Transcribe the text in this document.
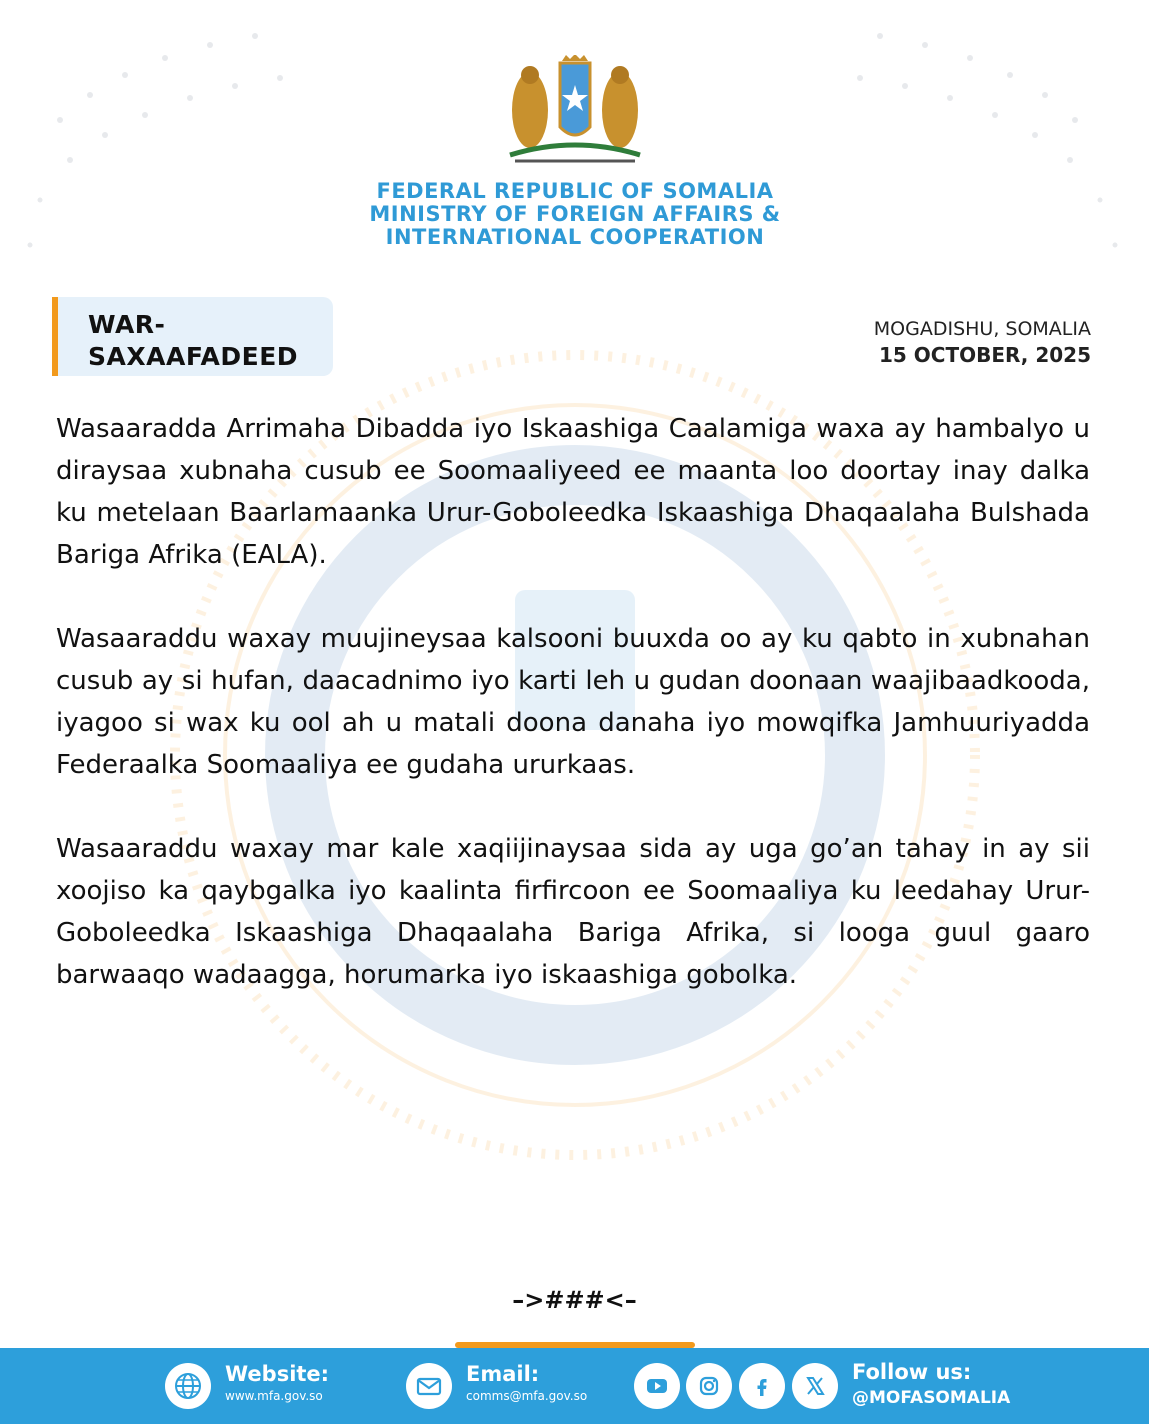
FEDERAL REPUBLIC OF SOMALIA
MINISTRY OF FOREIGN AFFAIRS &
INTERNATIONAL COOPERATION
WAR-
SAXAAFADEED
MOGADISHU, SOMALIA
15 OCTOBER, 2025

Wasaaradda Arrimaha Dibadda iyo Iskaashiga Caalamiga waxa ay hambalyo u diraysaa xubnaha cusub ee Soomaaliyeed ee maanta loo doortay inay dalka ku metelaan Baarlamaanka Urur-Goboleedka Iskaashiga Dhaqaalaha Bulshada Bariga Afrika (EALA).

Wasaaraddu waxay muujineysaa kalsooni buuxda oo ay ku qabto in xubnahan cusub ay si hufan, daacadnimo iyo karti leh u gudan doonaan waajibaadkooda, iyagoo si wax ku ool ah u matali doona danaha iyo mowqifka Jamhuuriyadda Federaalka Soomaaliya ee gudaha ururkaas.

Wasaaraddu waxay mar kale xaqiijinaysaa sida ay uga go’an tahay in ay sii xoojiso ka qaybgalka iyo kaalinta firfircoon ee Soomaaliya ku leedahay Urur-Goboleedka Iskaashiga Dhaqaalaha Bariga Afrika, si looga guul gaaro barwaaqo wadaagga, horumarka iyo iskaashiga gobolka.

–>###<–
Website:
www.mfa.gov.so
Email:
comms@mfa.gov.so
Follow us:
@MOFASOMALIA
